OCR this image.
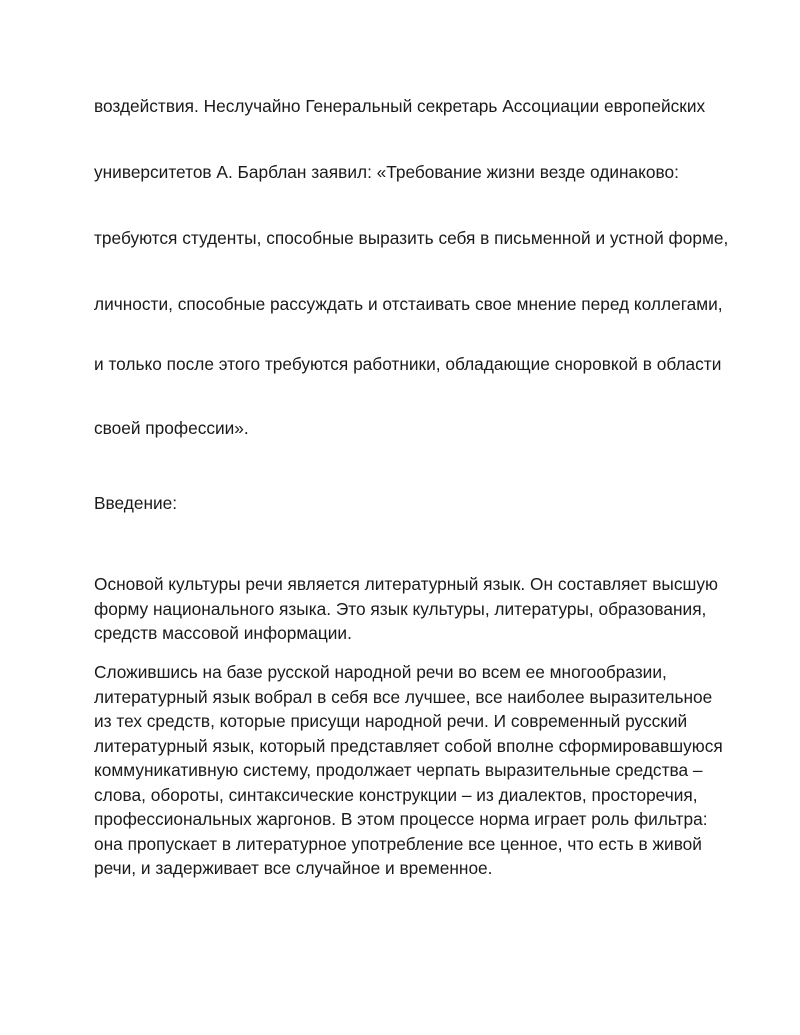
воздействия. Неслучайно Генеральный секретарь Ассоциации европейских
университетов А. Барблан заявил: «Требование жизни везде одинаково:
требуются студенты, способные выразить себя в письменной и устной форме,
личности, способные рассуждать и отстаивать свое мнение перед коллегами,
и только после этого требуются работники, обладающие сноровкой в области
своей профессии».
Введение:
Основой культуры речи является литературный язык. Он составляет высшую
форму национального языка. Это язык культуры, литературы, образования,
средств массовой информации.
Сложившись на базе русской народной речи во всем ее многообразии,
литературный язык вобрал в себя все лучшее, все наиболее выразительное
из тех средств, которые присущи народной речи. И современный русский
литературный язык, который представляет собой вполне сформировавшуюся
коммуникативную систему, продолжает черпать выразительные средства –
слова, обороты, синтаксические конструкции – из диалектов, просторечия,
профессиональных жаргонов. В этом процессе норма играет роль фильтра:
она пропускает в литературное употребление все ценное, что есть в живой
речи, и задерживает все случайное и временное.
